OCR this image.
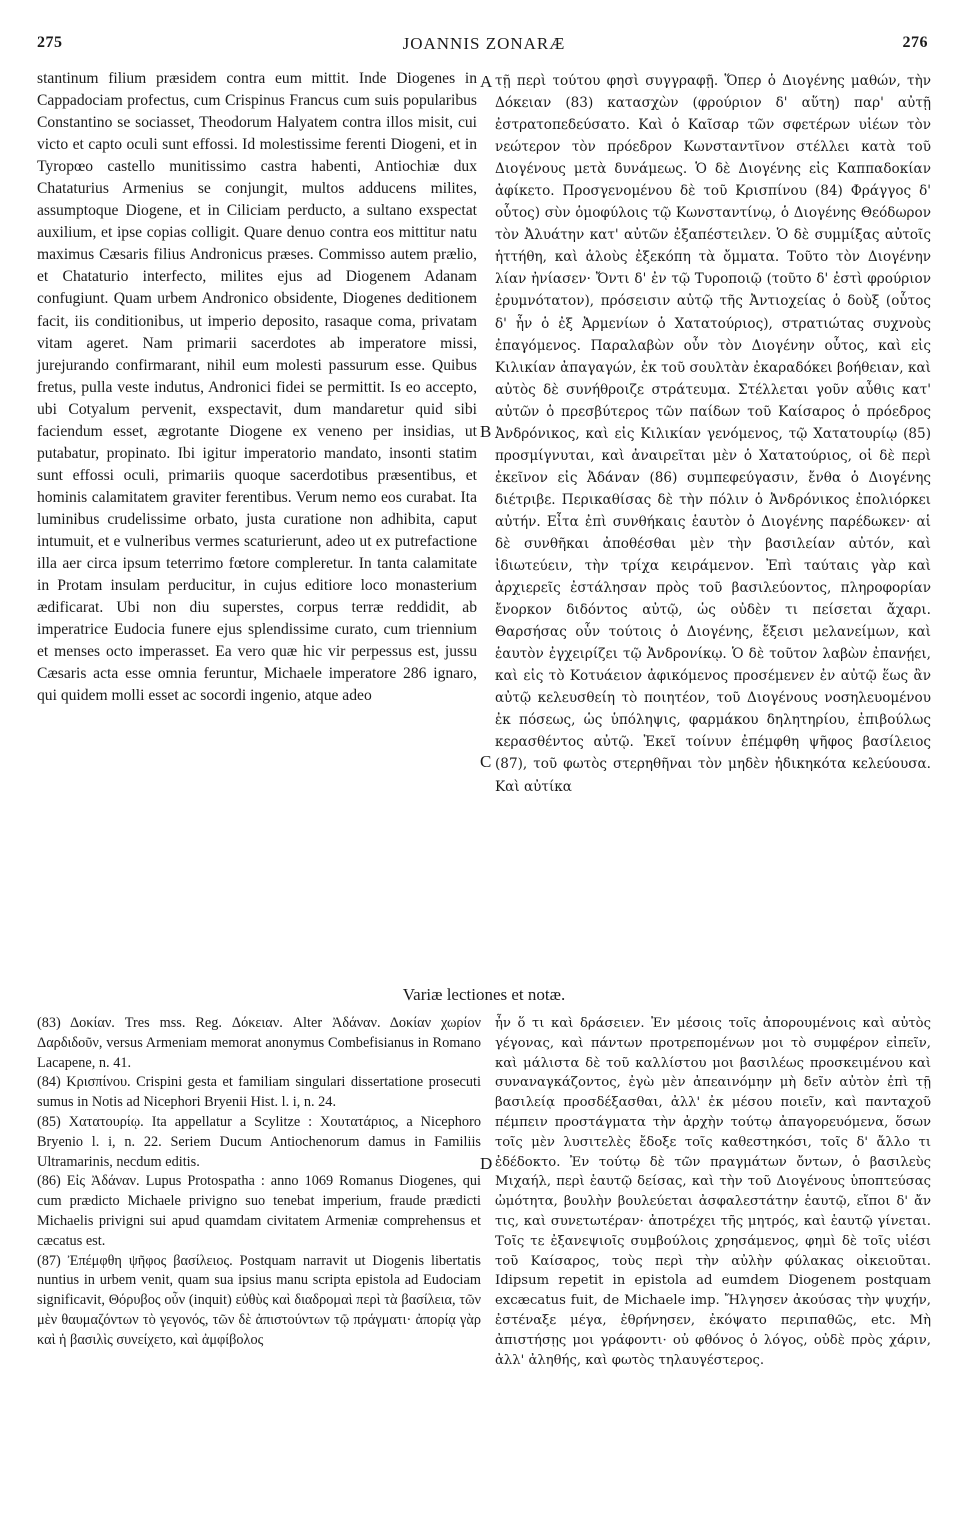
275	JOANNIS ZONARÆ	276

stantinum filium præsidem contra eum mittit. Inde Diogenes in Cappadociam profectus, cum Crispinus Francus cum suis popularibus Constantino se sociasset, Theodorum Halyatem contra illos misit, cui victo et capto oculi sunt effossi. Id molestissime ferenti Diogeni, et in Tyropœo castello munitissimo castra habenti, Antiochiæ dux Chataturius Armenius se conjungit, multos adducens milites, assumptoque Diogene, et in Ciliciam perducto, a sultano exspectat auxilium, et ipse copias colligit. Quare denuo contra eos mittitur natu maximus Cæsaris filius Andronicus præses. Commisso autem prælio, et Chataturio interfecto, milites ejus ad Diogenem Adanam confugiunt. Quam urbem Andronico obsidente, Diogenes deditionem facit, iis conditionibus, ut imperio deposito, rasaque coma, privatam vitam ageret. Nam primarii sacerdotes ab imperatore missi, jurejurando confirmarant, nihil eum molesti passurum esse. Quibus fretus, pulla veste indutus, Andronici fidei se permittit. Is eo accepto, ubi Cotyalum pervenit, exspectavit, dum mandaretur quid sibi faciendum esset, ægrotante Diogene ex veneno per insidias, ut putabatur, propinato. Ibi igitur imperatorio mandato, insonti statim sunt effossi oculi, primariis quoque sacerdotibus præsentibus, et hominis calamitatem graviter ferentibus. Verum nemo eos curabat. Ita luminibus crudelissime orbato, justa curatione non adhibita, caput intumuit, et e vulneribus vermes scaturierunt, adeo ut ex putrefactione illa aer circa ipsum teterrimo fœtore compleretur. In tanta calamitate in Protam insulam perducitur, in cujus editiore loco monasterium ædificarat. Ubi non diu superstes, corpus terræ reddidit, ab imperatrice Eudocia funere ejus splendissime curato, cum triennium et menses octo imperasset. Ea vero quæ hic vir perpessus est, jussu Cæsaris acta esse omnia feruntur, Michaele imperatore 286 ignaro, qui quidem molli esset ac socordi ingenio, atque adeo

A
B
C
D

τῇ περὶ τούτου φησὶ συγγραφῇ. Ὅπερ ὁ Διογένης μαθών, τὴν Δόκειαν (83) κατασχὼν (φρούριον δ' αὕτη) παρ' αὐτῇ ἐστρατοπεδεύσατο. Καὶ ὁ Καῖσαρ τῶν σφετέρων υἱέων τὸν νεώτερον τὸν πρόεδρον Κωνσταντῖνον στέλλει κατὰ τοῦ Διογένους μετὰ δυνάμεως. Ὁ δὲ Διογένης εἰς Καππαδοκίαν ἀφίκετο. Προσγενομένου δὲ τοῦ Κρισπίνου (84) Φράγγος δ' οὗτος) σὺν ὁμοφύλοις τῷ Κωνσταντίνῳ, ὁ Διογένης Θεόδωρον τὸν Ἀλυάτην κατ' αὐτῶν ἐξαπέστειλεν. Ὁ δὲ συμμίξας αὐτοῖς ἡττήθη, καὶ ἁλοὺς ἐξεκόπη τὰ ὄμματα. Τοῦτο τὸν Διογένην λίαν ἠνίασεν· Ὄντι δ' ἐν τῷ Τυροποιῷ (τοῦτο δ' ἐστὶ φρούριον ἐρυμνότατον), πρόσεισιν αὐτῷ τῆς Ἀντιοχείας ὁ δοὺξ (οὗτος δ' ἦν ὁ ἐξ Ἀρμενίων ὁ Χατατούριος), στρατιώτας συχνοὺς ἐπαγόμενος. Παραλαβὼν οὖν τὸν Διογένην οὗτος, καὶ εἰς Κιλικίαν ἀπαγαγών, ἐκ τοῦ σουλτὰν ἐκαραδόκει βοήθειαν, καὶ αὐτὸς δὲ συνήθροιζε στράτευμα. Στέλλεται γοῦν αὖθις κατ' αὐτῶν ὁ πρεσβύτερος τῶν παίδων τοῦ Καίσαρος ὁ πρόεδρος Ἀνδρόνικος, καὶ εἰς Κιλικίαν γενόμενος, τῷ Χατατουρίῳ (85) προσμίγνυται, καὶ ἀναιρεῖται μὲν ὁ Χατατούριος, οἱ δὲ περὶ ἐκεῖνον εἰς Ἀδάναν (86) συμπεφεύγασιν, ἔνθα ὁ Διογένης διέτριβε. Περικαθίσας δὲ τὴν πόλιν ὁ Ἀνδρόνικος ἐπολιόρκει αὐτήν. Εἶτα ἐπὶ συνθήκαις ἑαυτὸν ὁ Διογένης παρέδωκεν· αἱ δὲ συνθῆκαι ἀποθέσθαι μὲν τὴν βασιλείαν αὐτόν, καὶ ἰδιωτεύειν, τὴν τρίχα κειράμενον. Ἐπὶ ταύταις γὰρ καὶ ἀρχιερεῖς ἐστάλησαν πρὸς τοῦ βασιλεύοντος, πληροφορίαν ἔνορκον διδόντος αὐτῷ, ὡς οὐδὲν τι πείσεται ἄχαρι. Θαρσήσας οὖν τούτοις ὁ Διογένης, ἔξεισι μελανείμων, καὶ ἑαυτὸν ἐγχειρίζει τῷ Ἀνδρονίκῳ. Ὁ δὲ τοῦτον λαβὼν ἐπανῄει, καὶ εἰς τὸ Κοτυάειον ἀφικόμενος προσέμενεν ἐν αὐτῷ ἕως ἂν αὐτῷ κελευσθείη τὸ ποιητέον, τοῦ Διογένους νοσηλευομένου ἐκ πόσεως, ὡς ὑπόληψις, φαρμάκου δηλητηρίου, ἐπιβούλως κερασθέντος αὐτῷ. Ἐκεῖ τοίνυν ἐπέμφθη ψῆφος βασίλειος (87), τοῦ φωτὸς στερηθῆναι τὸν μηδὲν ἠδικηκότα κελεύουσα. Καὶ αὐτίκα

Variæ lectiones et notæ.

(83) Δοκίαν. Tres mss. Reg. Δόκειαν. Alter Ἀδάναν. Δοκίαν χωρίον Δαρδιδοῦν, versus Armeniam memorat anonymus Combefisianus in Romano Lacapene, n. 41.

(84) Κρισπίνου. Crispini gesta et familiam singulari dissertatione prosecuti sumus in Notis ad Nicephori Bryenii Hist. l. i, n. 24.

(85) Χατατουρίῳ. Ita appellatur a Scylitze : Χουτατάριος, a Nicephoro Bryenio l. i, n. 22. Seriem Ducum Antiochenorum damus in Familiis Ultramarinis, necdum editis.

(86) Εἰς Ἀδάναν. Lupus Protospatha : anno 1069 Romanus Diogenes, qui cum prædicto Michaele privigno suo tenebat imperium, fraude prædicti Michaelis privigni sui apud quamdam civitatem Armeniæ comprehensus et cæcatus est.

(87) Ἐπέμφθη ψῆφος βασίλειος. Postquam narravit ut Diogenis libertatis nuntius in urbem venit, quam sua ipsius manu scripta epistola ad Eudociam significavit, Θόρυβος οὖν (inquit) εὐθὺς καὶ διαδρομαὶ περὶ τὰ βασίλεια, τῶν μὲν θαυμαζόντων τὸ γεγονός, τῶν δὲ ἀπιστούντων τῷ πράγματι· ἀπορίᾳ γὰρ καὶ ἡ βασιλὶς συνείχετο, καὶ ἀμφίβολος

ἦν ὅ τι καὶ δράσειεν. Ἐν μέσοις τοῖς ἀπορουμένοις καὶ αὐτὸς γέγονας, καὶ πάντων προτρεπομένων μοι τὸ συμφέρον εἰπεῖν, καὶ μάλιστα δὲ τοῦ καλλίστου μοι βασιλέως προσκειμένου καὶ συναναγκάζοντος, ἐγὼ μὲν ἀπεαινόμην μὴ δεῖν αὐτὸν ἐπὶ τῇ βασιλείᾳ προσδέξασθαι, ἀλλ' ἐκ μέσου ποιεῖν, καὶ πανταχοῦ πέμπειν προστάγματα τὴν ἀρχὴν τούτῳ ἀπαγορευόμενα, ὅσων τοῖς μὲν λυσιτελὲς ἔδοξε τοῖς καθεστηκόσι, τοῖς δ' ἄλλο τι ἐδέδοκτο. Ἐν τούτῳ δὲ τῶν πραγμάτων ὄντων, ὁ βασιλεὺς Μιχαήλ, περὶ ἑαυτῷ δείσας, καὶ τὴν τοῦ Διογένους ὑποπτεύσας ὠμότητα, βουλὴν βουλεύεται ἀσφαλεστάτην ἑαυτῷ, εἴποι δ' ἄν τις, καὶ συνετωτέραν· ἀποτρέχει τῆς μητρός, καὶ ἑαυτῷ γίνεται. Τοῖς τε ἐξανεψιοῖς συμβούλοις χρησάμενος, φημὶ δὲ τοῖς υἱέσι τοῦ Καίσαρος, τοὺς περὶ τὴν αὐλὴν φύλακας οἰκειοῦται. Idipsum repetit in epistola ad eumdem Diogenem postquam excæcatus fuit, de Michaele imp. Ἤλγησεν ἀκούσας τὴν ψυχήν, ἐστέναξε μέγα, ἐθρήνησεν, ἐκόψατο περιπαθῶς, etc. Μὴ ἀπιστήσῃς μοι γράφοντι· οὐ φθόνος ὁ λόγος, οὐδὲ πρὸς χάριν, ἀλλ' ἀληθής, καὶ φωτὸς τηλαυγέστερος.
